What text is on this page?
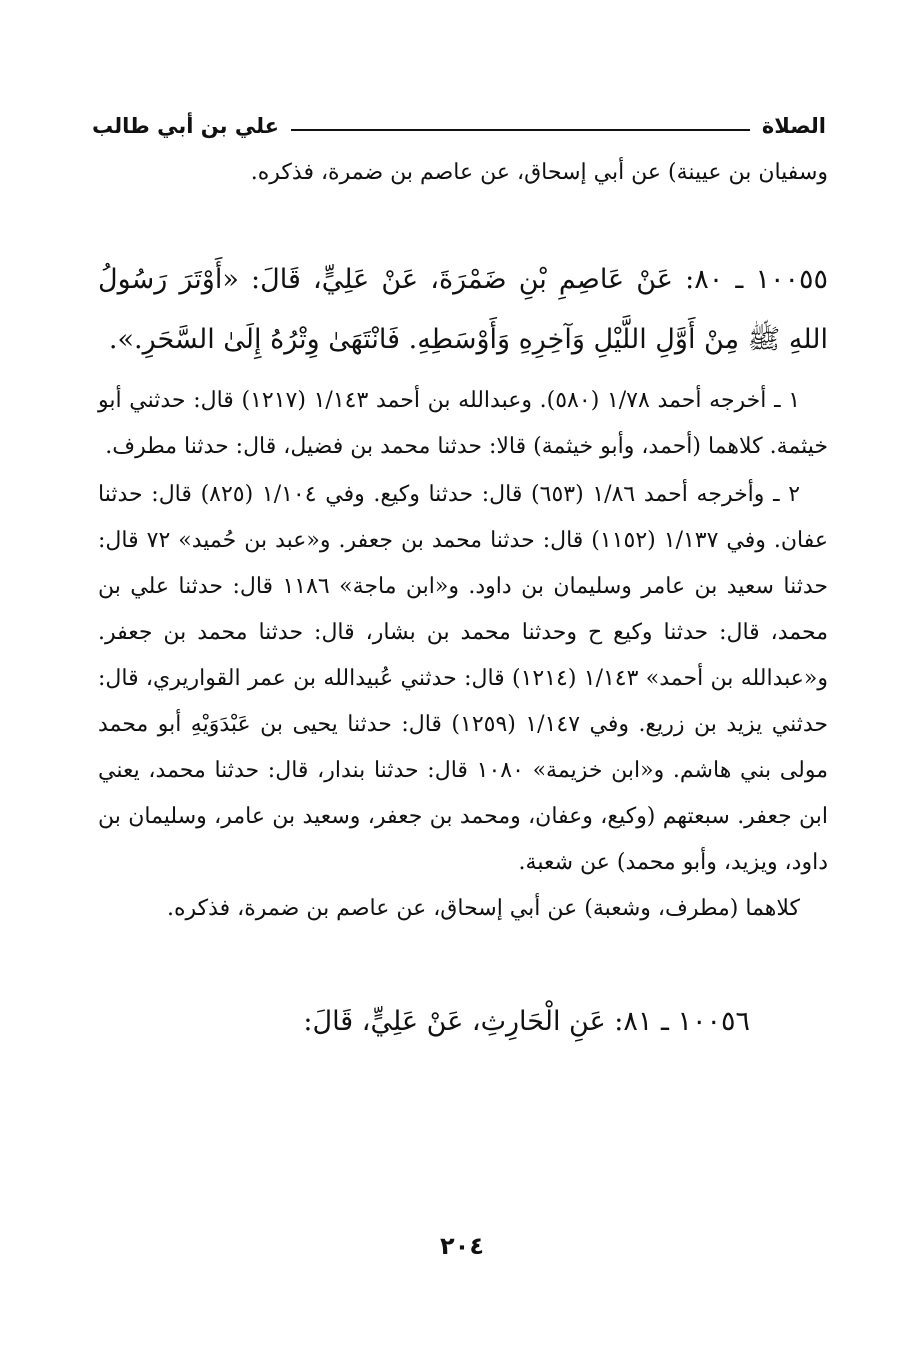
الصلاة
علي بن أبي طالب

وسفيان بن عيينة) عن أبي إسحاق، عن عاصم بن ضمرة، فذكره.

١٠٠٥٥ ـ ٨٠: عَنْ عَاصِمِ بْنِ ضَمْرَةَ، عَنْ عَلِيٍّ، قَالَ: «أَوْتَرَ رَسُولُ اللهِ ﷺ مِنْ أَوَّلِ اللَّيْلِ وَآخِرِهِ وَأَوْسَطِهِ. فَانْتَهَىٰ وِتْرُهُ إِلَىٰ السَّحَرِ.».

١ ـ أخرجه أحمد ١/٧٨ (٥٨٠). وعبدالله بن أحمد ١/١٤٣ (١٢١٧) قال: حدثني أبو خيثمة. كلاهما (أحمد، وأبو خيثمة) قالا: حدثنا محمد بن فضيل، قال: حدثنا مطرف.

٢ ـ وأخرجه أحمد ١/٨٦ (٦٥٣) قال: حدثنا وكيع. وفي ١/١٠٤ (٨٢٥) قال: حدثنا عفان. وفي ١/١٣٧ (١١٥٢) قال: حدثنا محمد بن جعفر. و«عبد بن حُميد» ٧٢ قال: حدثنا سعيد بن عامر وسليمان بن داود. و«ابن ماجة» ١١٨٦ قال: حدثنا علي بن محمد، قال: حدثنا وكيع ح وحدثنا محمد بن بشار، قال: حدثنا محمد بن جعفر. و«عبدالله بن أحمد» ١/١٤٣ (١٢١٤) قال: حدثني عُبيدالله بن عمر القواريري، قال: حدثني يزيد بن زريع. وفي ١/١٤٧ (١٢٥٩) قال: حدثنا يحيى بن عَبْدَوَيْهِ أبو محمد مولى بني هاشم. و«ابن خزيمة» ١٠٨٠ قال: حدثنا بندار، قال: حدثنا محمد، يعني ابن جعفر. سبعتهم (وكيع، وعفان، ومحمد بن جعفر، وسعيد بن عامر، وسليمان بن داود، ويزيد، وأبو محمد) عن شعبة.

كلاهما (مطرف، وشعبة) عن أبي إسحاق، عن عاصم بن ضمرة، فذكره.

١٠٠٥٦ ـ ٨١: عَنِ الْحَارِثِ، عَنْ عَلِيٍّ، قَالَ:

٢٠٤
